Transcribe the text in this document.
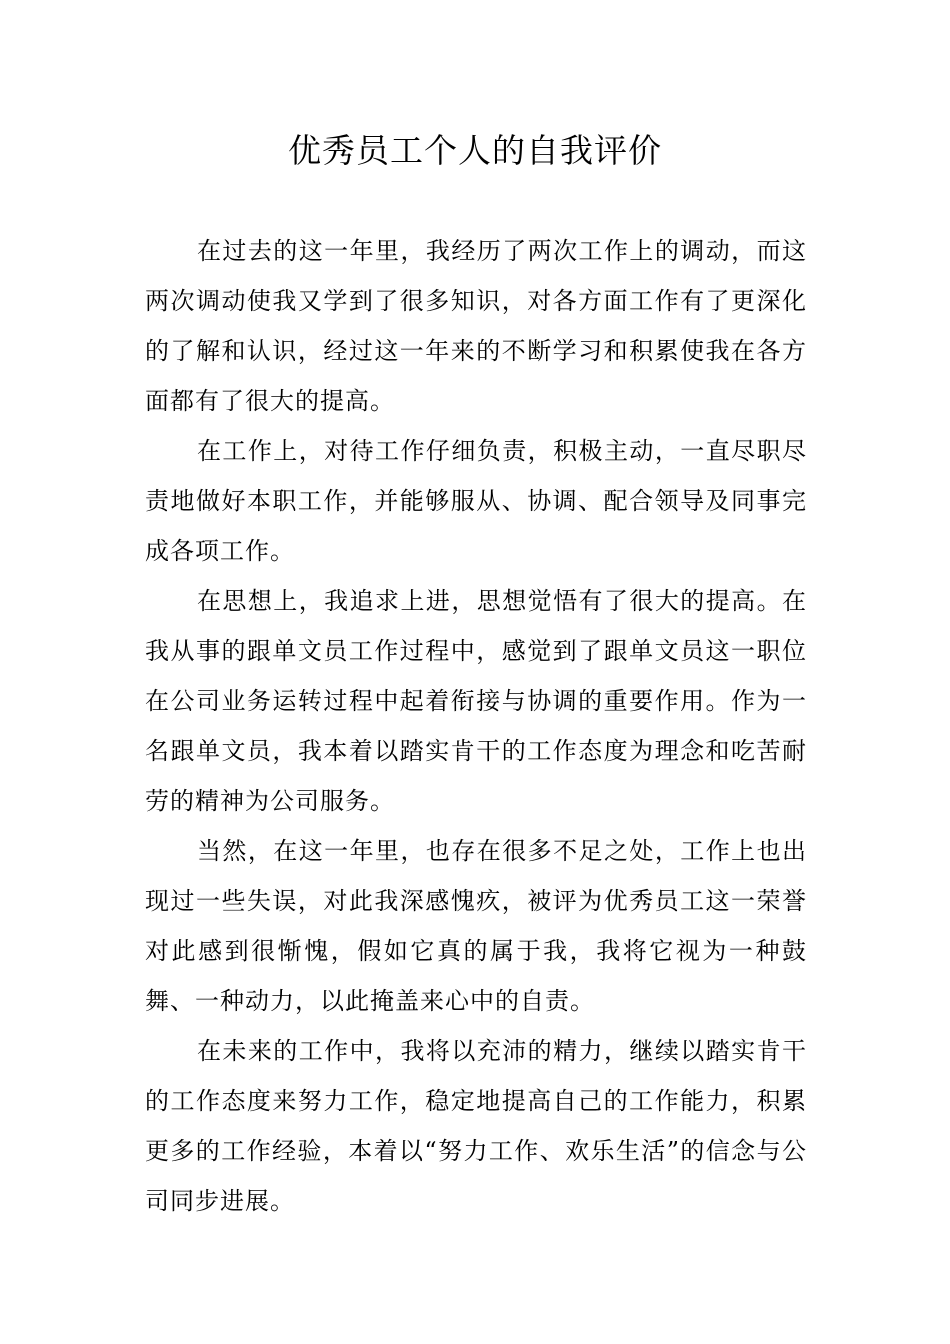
优秀员工个人的自我评价

在过去的这一年里，我经历了两次工作上的调动，而这两次调动使我又学到了很多知识，对各方面工作有了更深化的了解和认识，经过这一年来的不断学习和积累使我在各方面都有了很大的提高。

在工作上，对待工作仔细负责，积极主动，一直尽职尽责地做好本职工作，并能够服从、协调、配合领导及同事完成各项工作。

在思想上，我追求上进，思想觉悟有了很大的提高。在我从事的跟单文员工作过程中，感觉到了跟单文员这一职位在公司业务运转过程中起着衔接与协调的重要作用。作为一名跟单文员，我本着以踏实肯干的工作态度为理念和吃苦耐劳的精神为公司服务。

当然，在这一年里，也存在很多不足之处，工作上也出现过一些失误，对此我深感愧疚，被评为优秀员工这一荣誉对此感到很惭愧，假如它真的属于我，我将它视为一种鼓舞、一种动力，以此掩盖来心中的自责。

在未来的工作中，我将以充沛的精力，继续以踏实肯干的工作态度来努力工作，稳定地提高自己的工作能力，积累更多的工作经验，本着以“努力工作、欢乐生活”的信念与公司同步进展。
